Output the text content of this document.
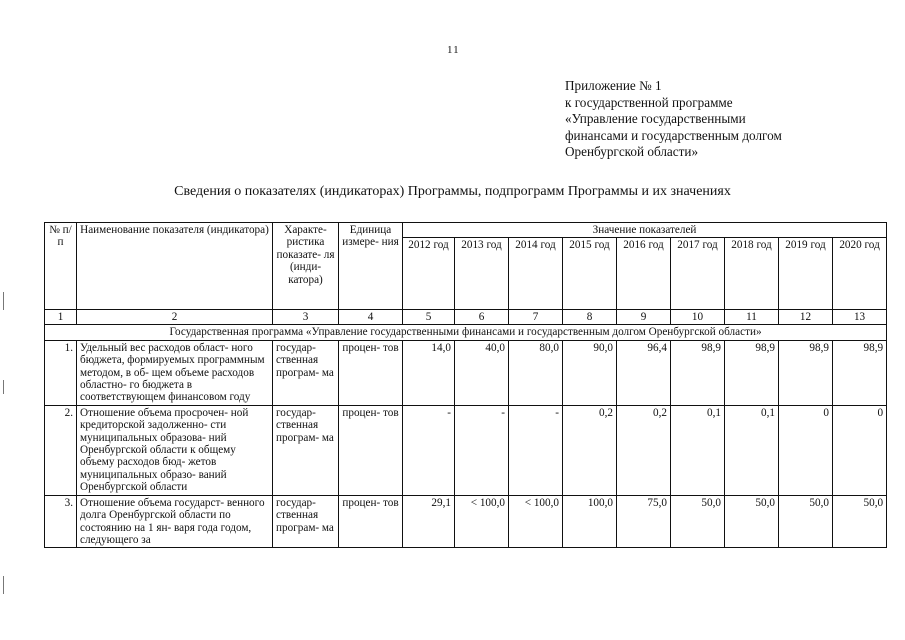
11
Приложение № 1
к государственной программе
«Управление государственными
финансами и государственным долгом
Оренбургской области»
Сведения о показателях (индикаторах) Программы, подпрограмм Программы и их значениях
№ п/п	Наименование показателя (индикатора)	Характе- ристика показате- ля (инди- катора)	Единица измере- ния	Значение показателей								
				2012 год	2013 год	2014 год	2015 год	2016 год	2017 год	2018 год	2019 год	2020 год
1	2	3	4	5	6	7	8	9	10	11	12	13
Государственная программа «Управление государственными финансами и государственным долгом Оренбургской области»												
1.	Удельный вес расходов област- ного бюджета, формируемых программным методом, в об- щем объеме расходов областно- го бюджета в соответствующем финансовом году	государ- ственная програм- ма	процен- тов	14,0	40,0	80,0	90,0	96,4	98,9	98,9	98,9	98,9
2.	Отношение объема просрочен- ной кредиторской задолженно- сти муниципальных образова- ний Оренбургской области к общему объему расходов бюд- жетов муниципальных образо- ваний Оренбургской области	государ- ственная програм- ма	процен- тов	-	-	-	0,2	0,2	0,1	0,1	0	0
3.	Отношение объема государст- венного долга Оренбургской области по состоянию на 1 ян- варя года годом, следующего за	государ- ственная програм- ма	процен- тов	29,1	< 100,0	< 100,0	100,0	75,0	50,0	50,0	50,0	50,0
